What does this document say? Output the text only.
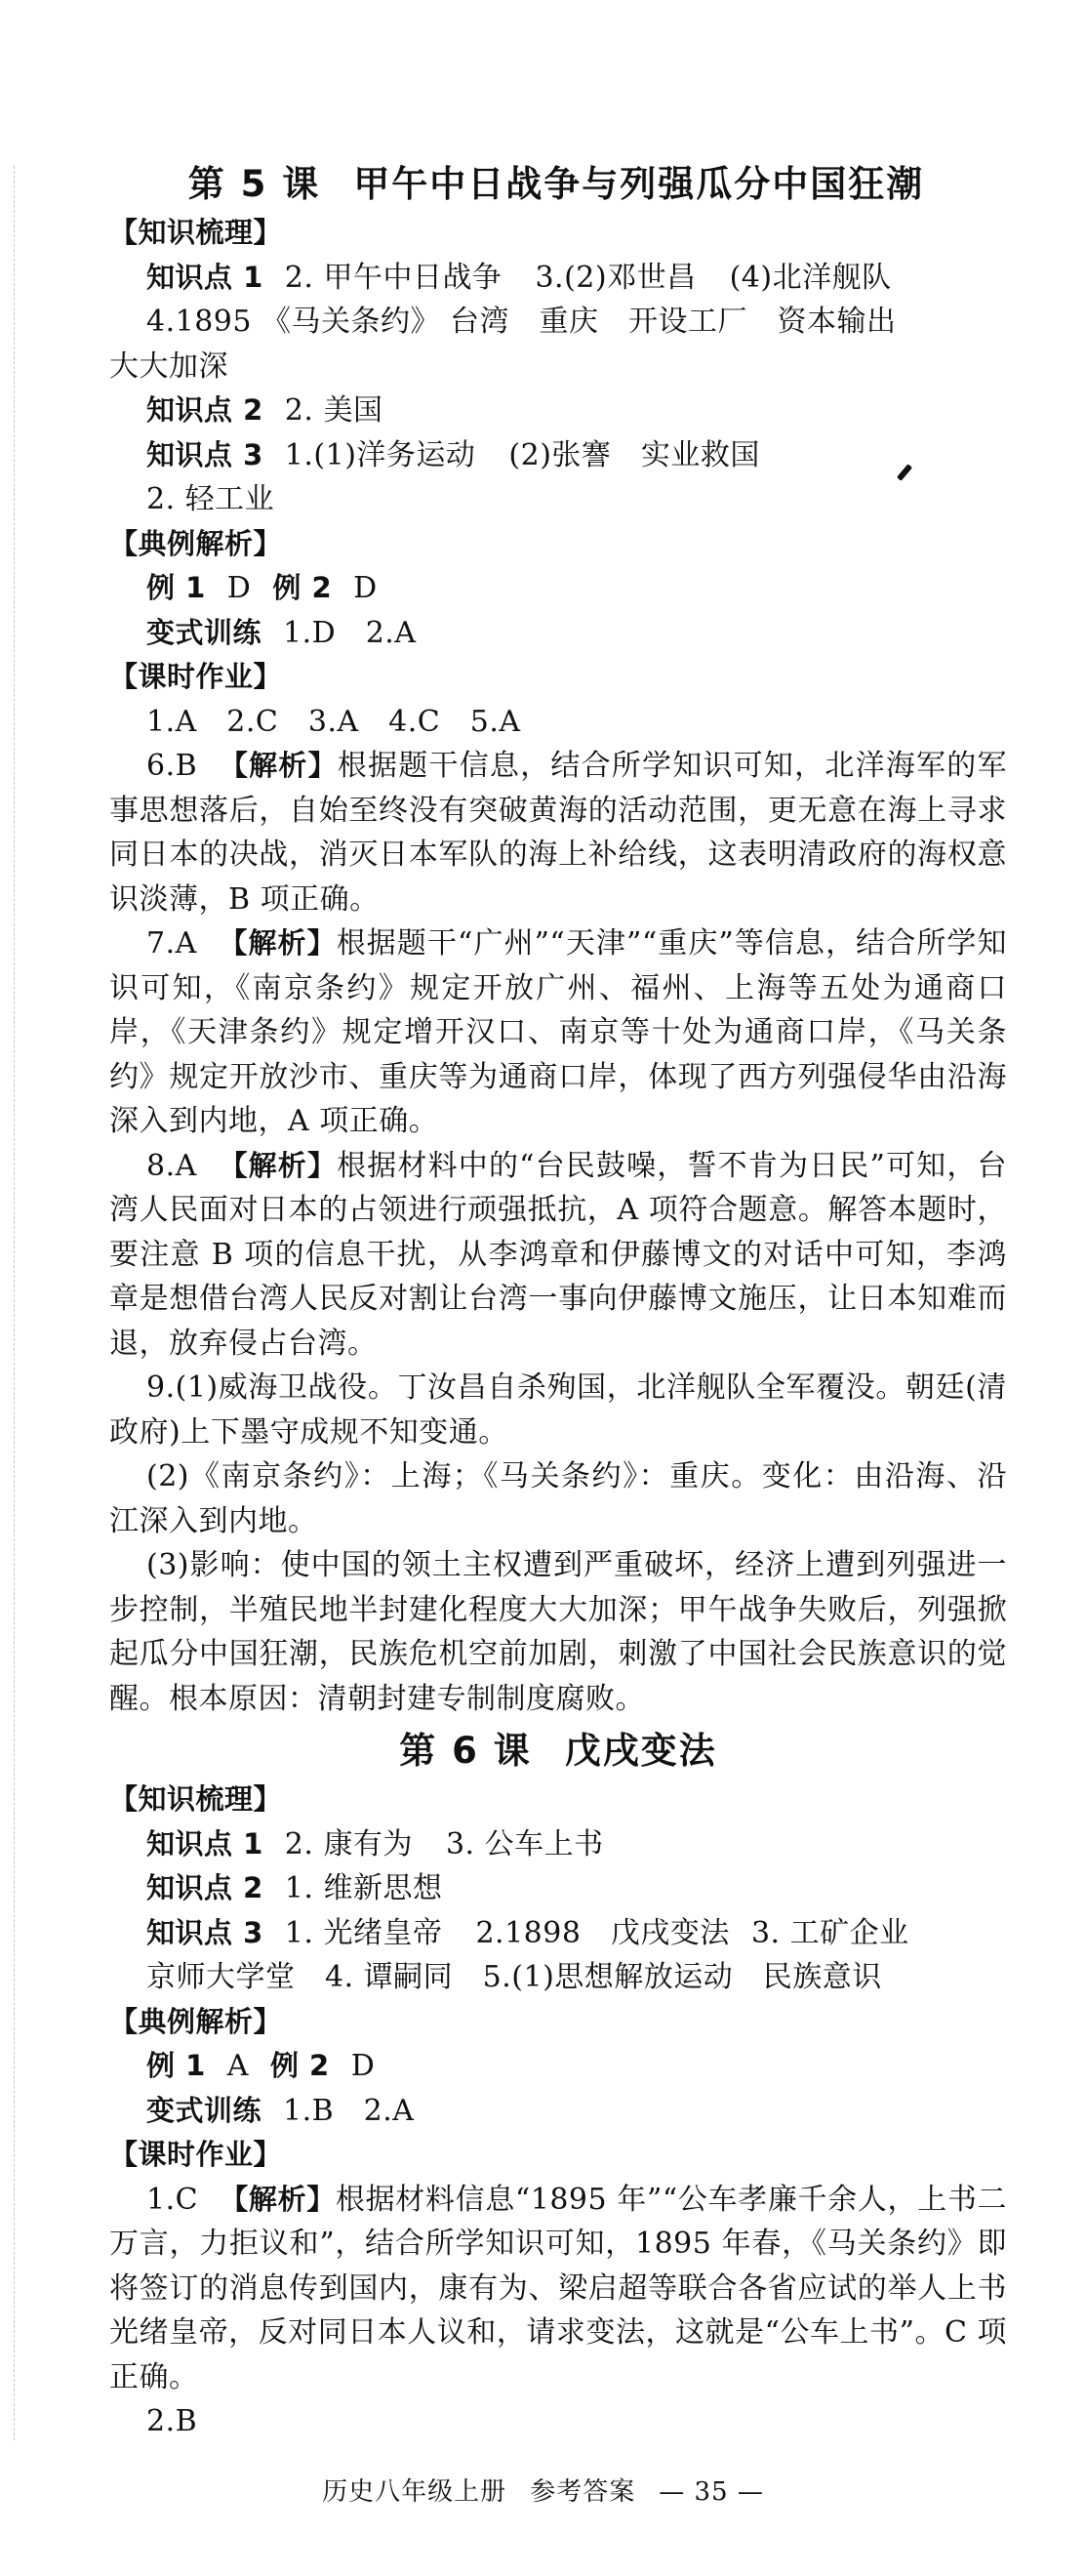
第 5 课 甲午中日战争与列强瓜分中国狂潮

【知识梳理】

知识点 1 2. 甲午中日战争 3.(2)邓世昌 (4)北洋舰队

4.1895 《马关条约》 台湾　重庆　开设工厂　资本输出

大大加深

知识点 2 2. 美国

知识点 3 1.(1)洋务运动 (2)张謇　实业救国

2. 轻工业

【典例解析】

例 1 D 例 2 D

变式训练 1.D　2.A

【课时作业】

1.A　2.C　3.A　4.C　5.A

6.B 【解析】根据题干信息，结合所学知识可知，北洋海军的军事思想落后，自始至终没有突破黄海的活动范围，更无意在海上寻求同日本的决战，消灭日本军队的海上补给线，这表明清政府的海权意识淡薄，B 项正确。

7.A 【解析】根据题干“广州”“天津”“重庆”等信息，结合所学知识可知，《南京条约》规定开放广州、福州、上海等五处为通商口岸，《天津条约》规定增开汉口、南京等十处为通商口岸，《马关条约》规定开放沙市、重庆等为通商口岸，体现了西方列强侵华由沿海深入到内地，A 项正确。

8.A 【解析】根据材料中的“台民鼓噪，誓不肯为日民”可知，台湾人民面对日本的占领进行顽强抵抗，A 项符合题意。解答本题时，要注意 B 项的信息干扰，从李鸿章和伊藤博文的对话中可知，李鸿章是想借台湾人民反对割让台湾一事向伊藤博文施压，让日本知难而退，放弃侵占台湾。

9.(1)威海卫战役。丁汝昌自杀殉国，北洋舰队全军覆没。朝廷(清政府)上下墨守成规不知变通。

(2)《南京条约》：上海；《马关条约》：重庆。变化：由沿海、沿江深入到内地。

(3)影响：使中国的领土主权遭到严重破坏，经济上遭到列强进一步控制，半殖民地半封建化程度大大加深；甲午战争失败后，列强掀起瓜分中国狂潮，民族危机空前加剧，刺激了中国社会民族意识的觉醒。根本原因：清朝封建专制制度腐败。

第 6 课 戊戌变法

【知识梳理】

知识点 1 2. 康有为 3. 公车上书

知识点 2 1. 维新思想

知识点 3 1. 光绪皇帝 2.1898　戊戌变法 3. 工矿企业

京师大学堂　4. 谭嗣同　5.(1)思想解放运动　民族意识

【典例解析】

例 1 A 例 2 D

变式训练 1.B　2.A

【课时作业】

1.C 【解析】根据材料信息“1895 年”“公车孝廉千余人，上书二万言，力拒议和”，结合所学知识可知，1895 年春，《马关条约》即将签订的消息传到国内，康有为、梁启超等联合各省应试的举人上书光绪皇帝，反对同日本人议和，请求变法，这就是“公车上书”。C 项正确。

2.B

历史八年级上册 参考答案 — 35 —
